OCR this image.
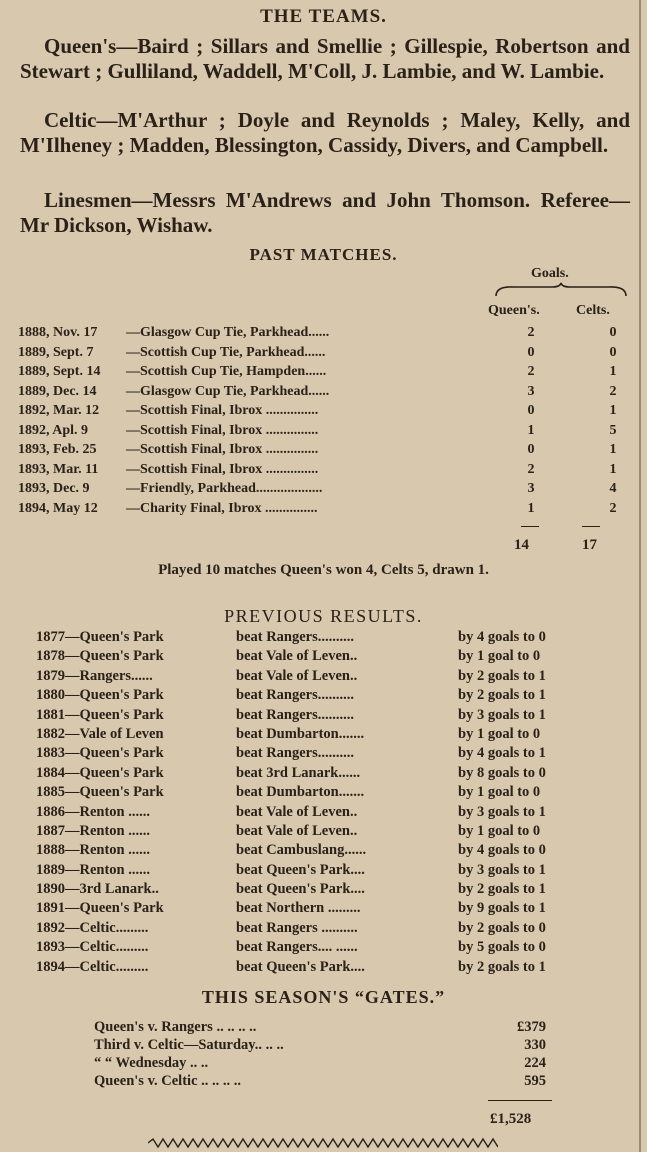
THE TEAMS.
Queen's—Baird ; Sillars and Smellie ; Gillespie, Robertson and Stewart ; Gulliland, Waddell, M'Coll, J. Lambie, and W. Lambie.
Celtic—M'Arthur ; Doyle and Reynolds ; Maley, Kelly, and M'Ilheney ; Madden, Blessington, Cassidy, Divers, and Campbell.
Linesmen—Messrs M'Andrews and John Thomson. Referee—Mr Dickson, Wishaw.
PAST MATCHES.
Goals.
Queen's.	Celts.
1888, Nov. 17 —Glasgow Cup Tie, Parkhead......	2	0
1889, Sept. 7 —Scottish Cup Tie, Parkhead......	0	0
1889, Sept. 14 —Scottish Cup Tie, Hampden......	2	1
1889, Dec. 14 —Glasgow Cup Tie, Parkhead......	3	2
1892, Mar. 12 —Scottish Final, Ibrox ...............	0	1
1892, Apl. 9	—Scottish Final, Ibrox ...............	1	5
1893, Feb. 25 —Scottish Final, Ibrox ...............	0	1
1893, Mar. 11 —Scottish Final, Ibrox ...............	2	1
1893, Dec. 9	—Friendly, Parkhead...................	3	4
1894, May 12 —Charity Final, Ibrox ...............	1	2
14	17
Played 10 matches Queen's won 4, Celts 5, drawn 1.
PREVIOUS RESULTS.
1877—Queen's Park	beat Rangers..........	by 4 goals to 0
1878—Queen's Park	beat Vale of Leven..	by 1 goal to 0
1879—Rangers......	beat Vale of Leven..	by 2 goals to 1
1880—Queen's Park	beat Rangers..........	by 2 goals to 1
1881—Queen's Park	beat Rangers..........	by 3 goals to 1
1882—Vale of Leven	beat Dumbarton.......	by 1 goal to 0
1883—Queen's Park	beat Rangers..........	by 4 goals to 1
1884—Queen's Park	beat 3rd Lanark......	by 8 goals to 0
1885—Queen's Park	beat Dumbarton.......	by 1 goal to 0
1886—Renton ......	beat Vale of Leven..	by 3 goals to 1
1887—Renton ......	beat Vale of Leven..	by 1 goal to 0
1888—Renton ......	beat Cambuslang......	by 4 goals to 0
1889—Renton ......	beat Queen's Park....	by 3 goals to 1
1890—3rd Lanark..	beat Queen's Park....	by 2 goals to 1
1891—Queen's Park	beat Northern .........	by 9 goals to 1
1892—Celtic.........	beat Rangers ..........	by 2 goals to 0
1893—Celtic.........	beat Rangers.... ......	by 5 goals to 0
1894—Celtic.........	beat Queen's Park....	by 2 goals to 1
THIS SEASON'S “GATES.”
Queen's v. Rangers .. .. .. ..	£379
Third v. Celtic—Saturday.. .. ..	330
“ “ Wednesday .. ..	224
Queen's v. Celtic .. .. .. ..	595
£1,528
